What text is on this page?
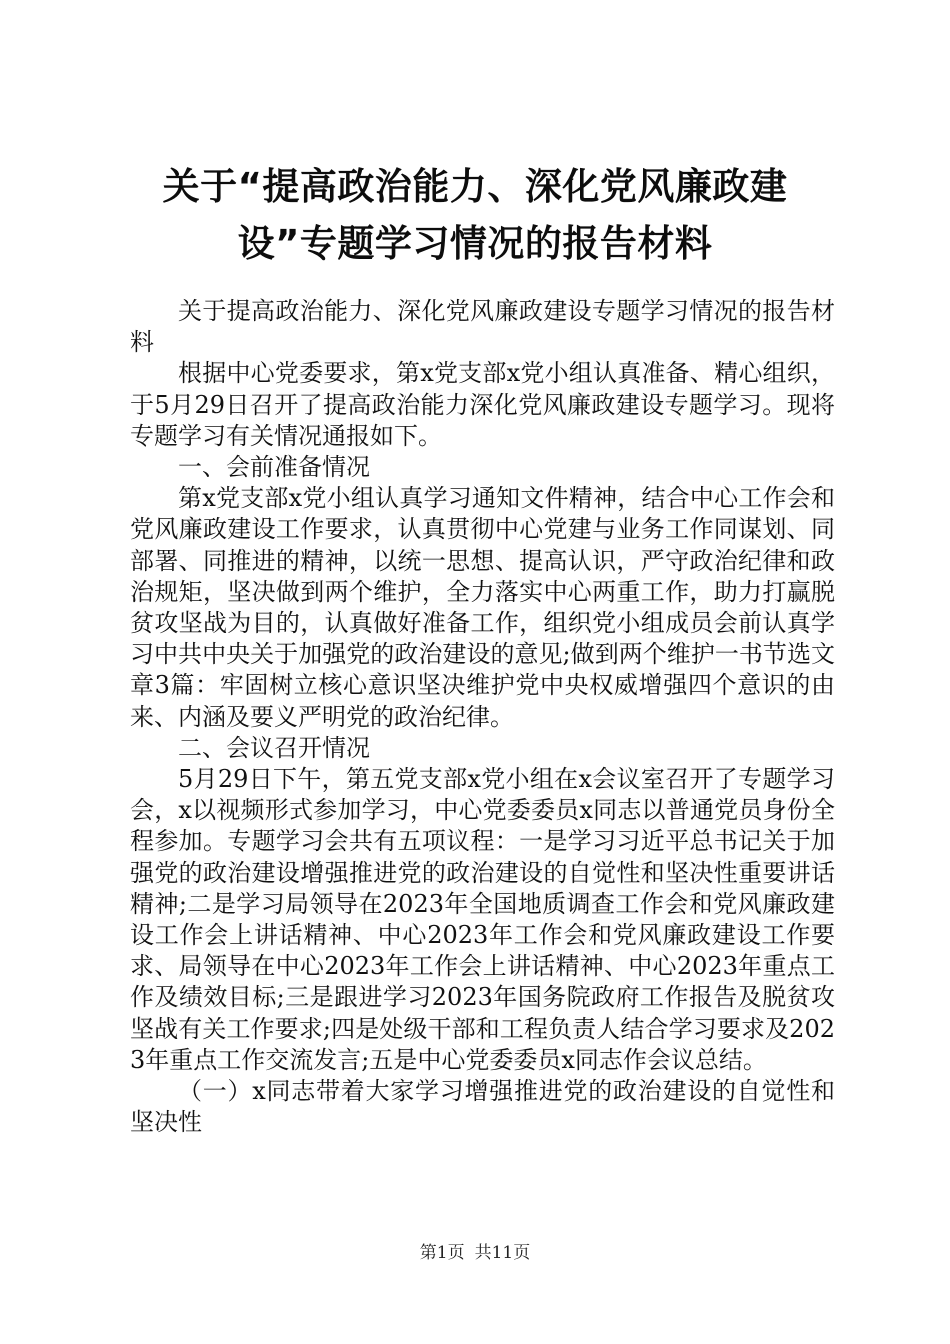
关于“提高政治能力、深化党风廉政建设”专题学习情况的报告材料

关于提高政治能力、深化党风廉政建设专题学习情况的报告材料

根据中心党委要求，第x党支部x党小组认真准备、精心组织，于5月29日召开了提高政治能力深化党风廉政建设专题学习。现将专题学习有关情况通报如下。

一、会前准备情况

第x党支部x党小组认真学习通知文件精神，结合中心工作会和党风廉政建设工作要求，认真贯彻中心党建与业务工作同谋划、同部署、同推进的精神，以统一思想、提高认识，严守政治纪律和政治规矩，坚决做到两个维护，全力落实中心两重工作，助力打赢脱贫攻坚战为目的，认真做好准备工作，组织党小组成员会前认真学习中共中央关于加强党的政治建设的意见;做到两个维护一书节选文章3篇：牢固树立核心意识坚决维护党中央权威增强四个意识的由来、内涵及要义严明党的政治纪律。

二、会议召开情况

5月29日下午，第五党支部x党小组在x会议室召开了专题学习会，x以视频形式参加学习，中心党委委员x同志以普通党员身份全程参加。专题学习会共有五项议程：一是学习习近平总书记关于加强党的政治建设增强推进党的政治建设的自觉性和坚决性重要讲话精神;二是学习局领导在2023年全国地质调查工作会和党风廉政建设工作会上讲话精神、中心2023年工作会和党风廉政建设工作要求、局领导在中心2023年工作会上讲话精神、中心2023年重点工作及绩效目标;三是跟进学习2023年国务院政府工作报告及脱贫攻坚战有关工作要求;四是处级干部和工程负责人结合学习要求及2023年重点工作交流发言;五是中心党委委员x同志作会议总结。

（一）x同志带着大家学习增强推进党的政治建设的自觉性和坚决性

第1页 共11页
